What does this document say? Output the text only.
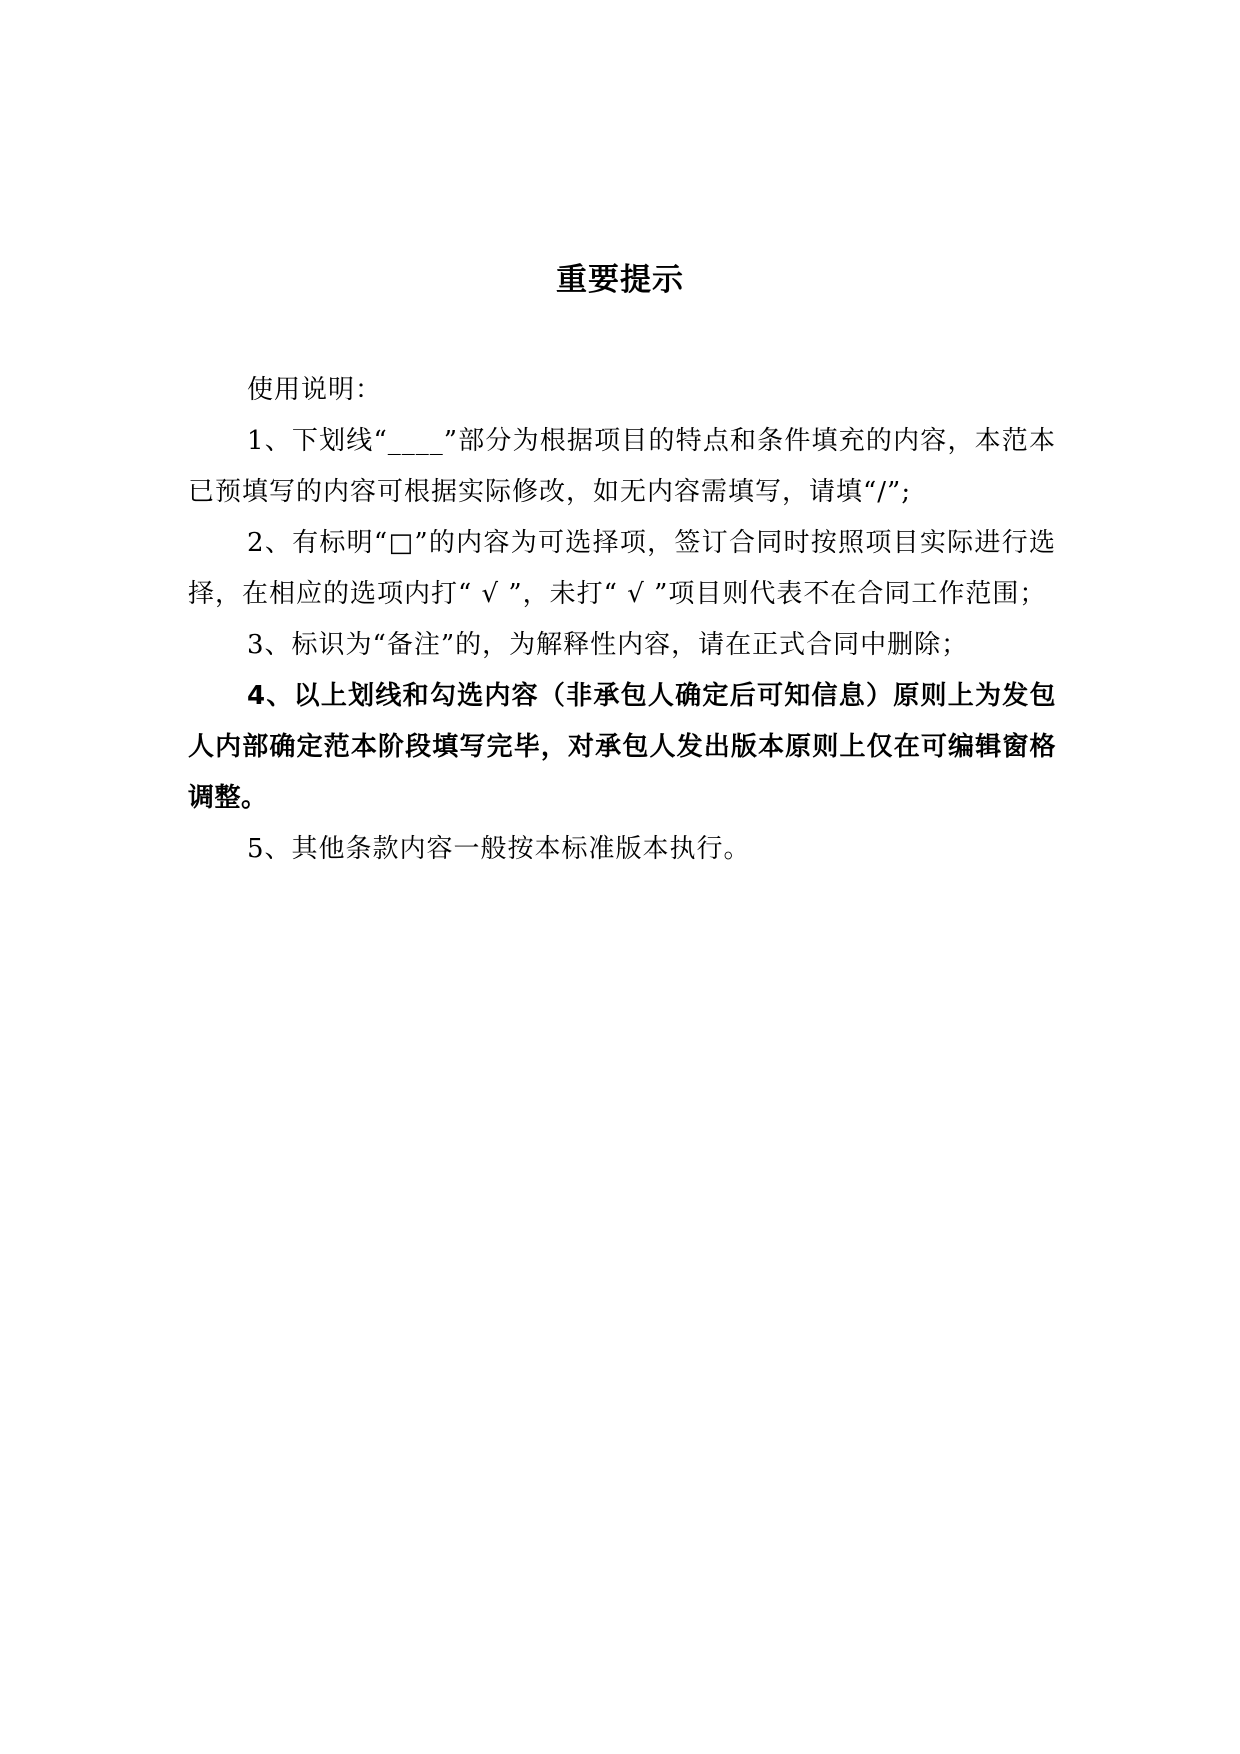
重要提示

使用说明：

1、下划线“____”部分为根据项目的特点和条件填充的内容，本范本已预填写的内容可根据实际修改，如无内容需填写，请填“/”;

2、有标明“□”的内容为可选择项，签订合同时按照项目实际进行选择，在相应的选项内打“ √ ”，未打“ √ ”项目则代表不在合同工作范围；

3、标识为“备注”的，为解释性内容，请在正式合同中删除；

4、以上划线和勾选内容（非承包人确定后可知信息）原则上为发包人内部确定范本阶段填写完毕，对承包人发出版本原则上仅在可编辑窗格调整。

5、其他条款内容一般按本标准版本执行。
